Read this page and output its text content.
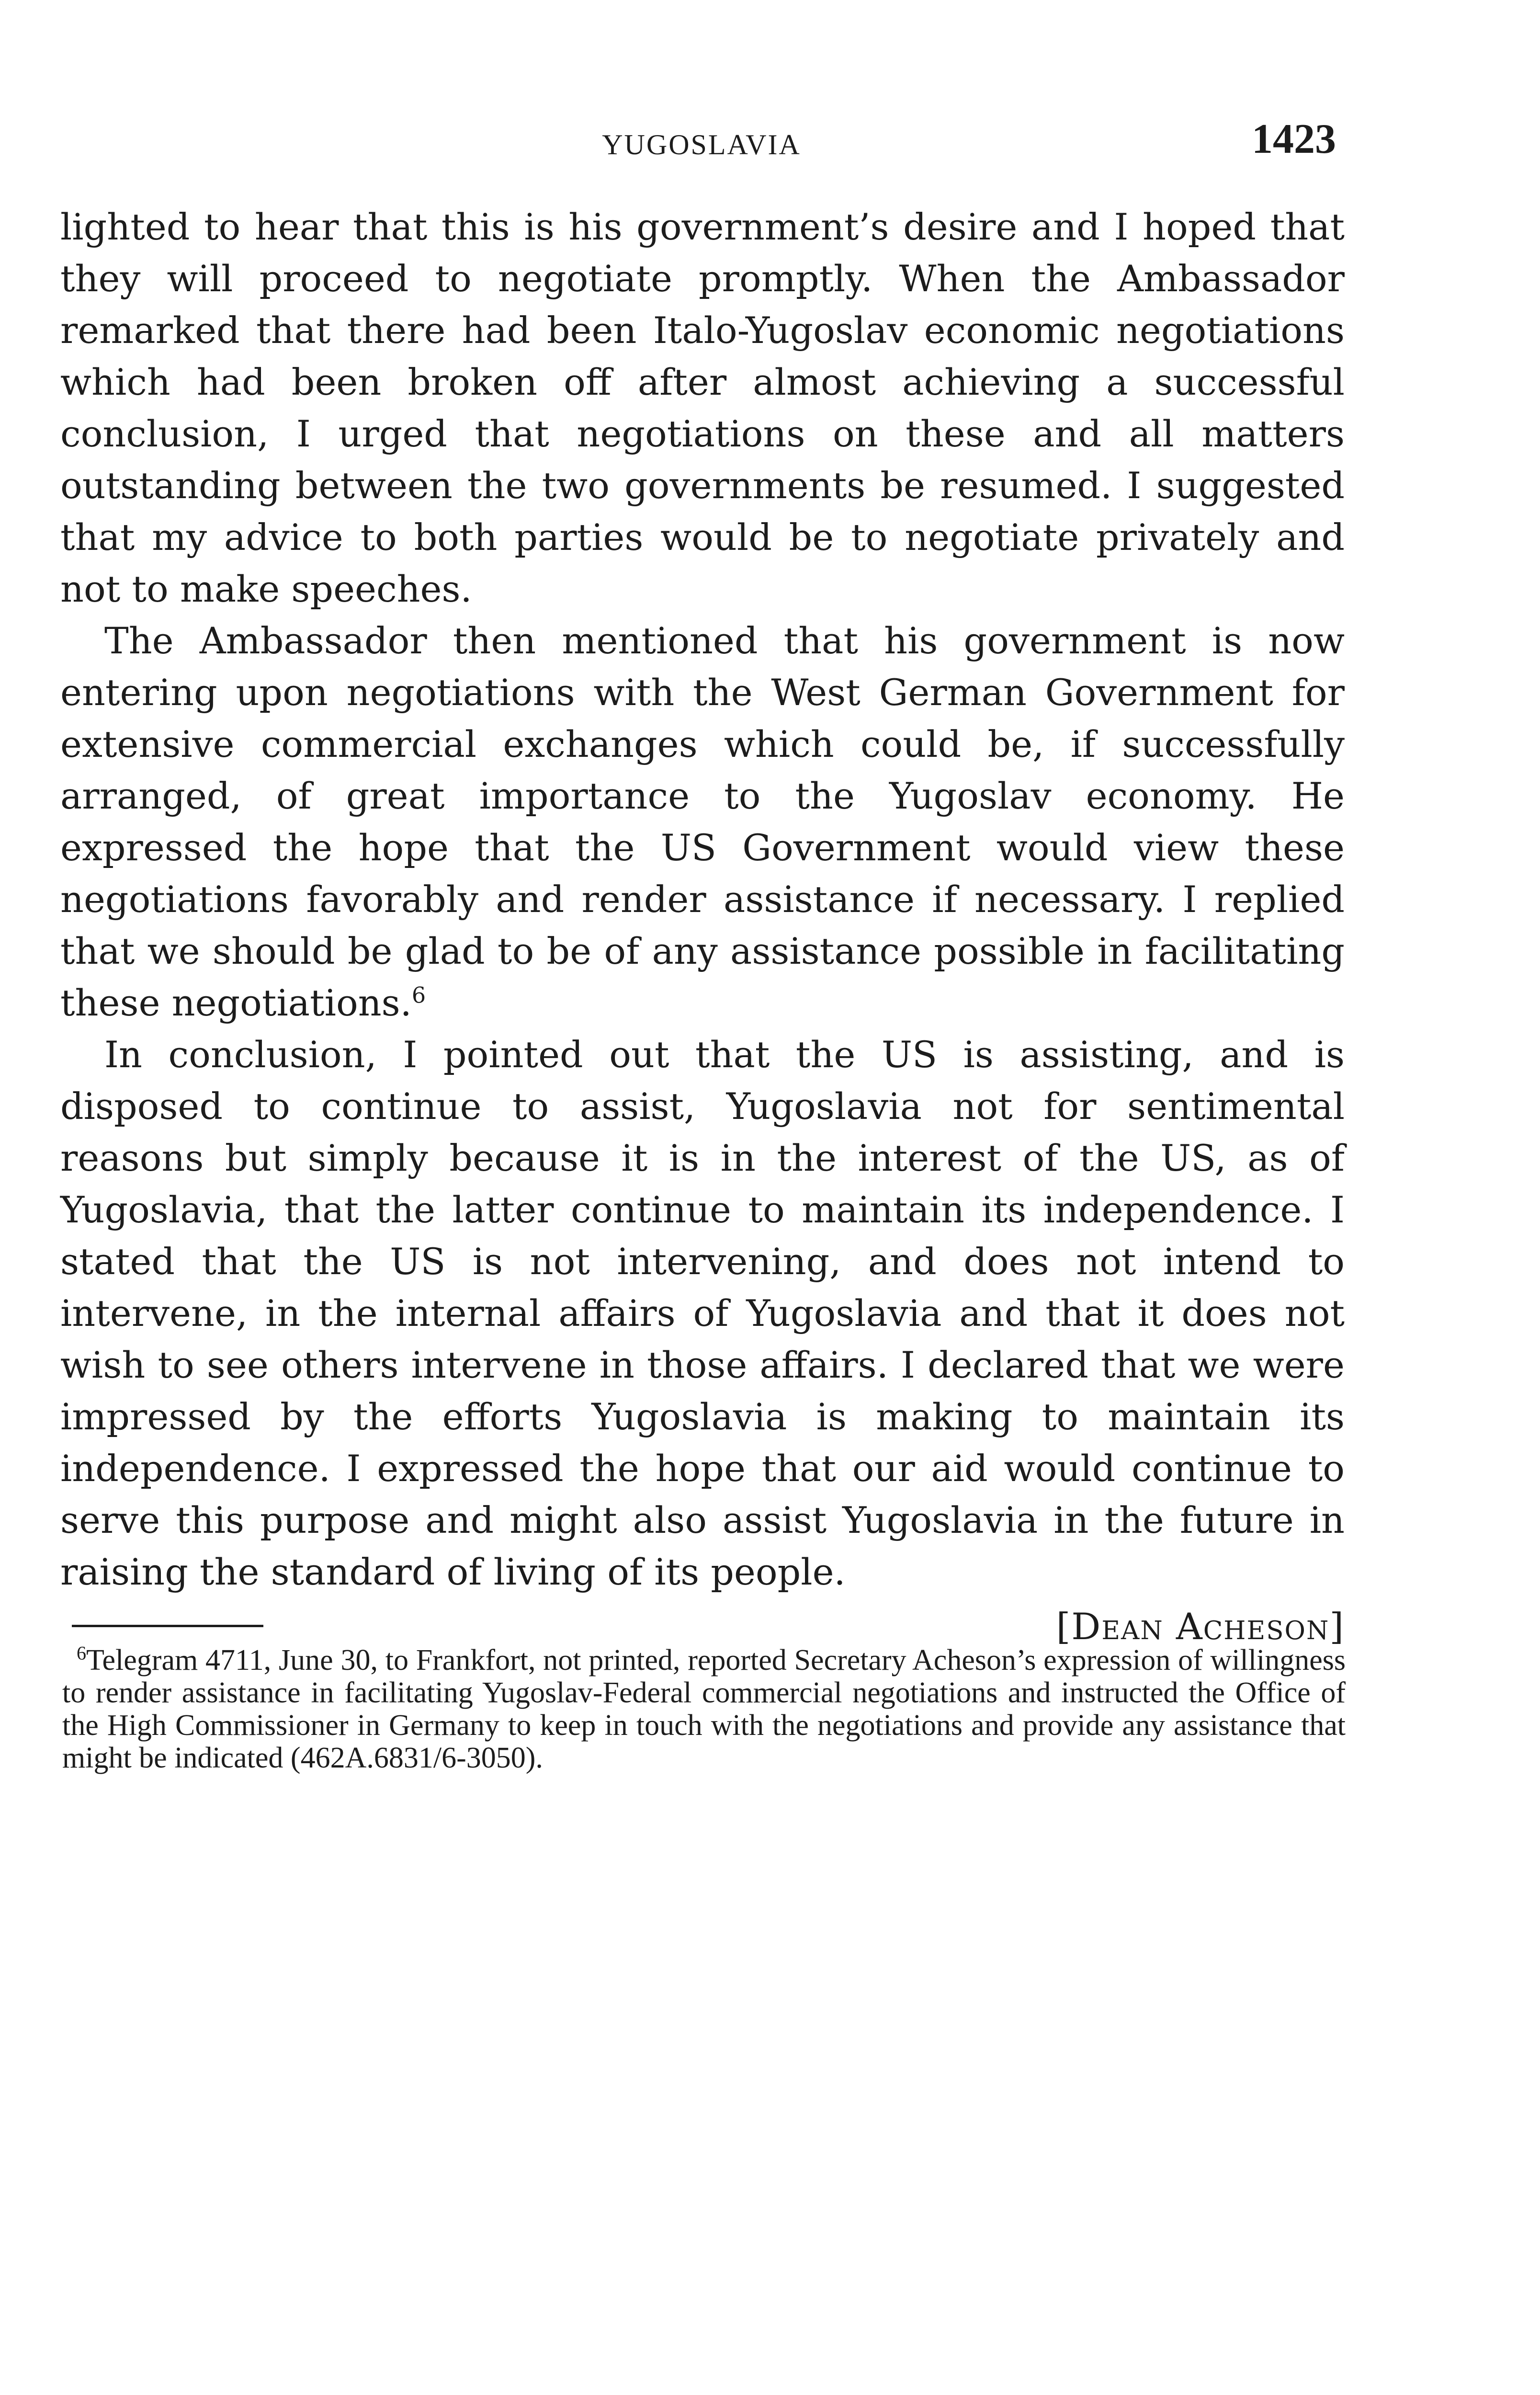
YUGOSLAVIA	1423

lighted to hear that this is his government’s desire and I hoped that they will proceed to negotiate promptly. When the Ambassador remarked that there had been Italo-Yugoslav economic negotiations which had been broken off after almost achieving a successful conclusion, I urged that negotiations on these and all matters outstanding between the two governments be resumed. I suggested that my advice to both parties would be to negotiate privately and not to make speeches.

The Ambassador then mentioned that his government is now entering upon negotiations with the West German Government for extensive commercial exchanges which could be, if successfully arranged, of great importance to the Yugoslav economy. He expressed the hope that the US Government would view these negotiations favorably and render assistance if necessary. I replied that we should be glad to be of any assistance possible in facilitating these negotiations.$^6$

In conclusion, I pointed out that the US is assisting, and is disposed to continue to assist, Yugoslavia not for sentimental reasons but simply because it is in the interest of the US, as of Yugoslavia, that the latter continue to maintain its independence. I stated that the US is not intervening, and does not intend to intervene, in the internal affairs of Yugoslavia and that it does not wish to see others intervene in those affairs. I declared that we were impressed by the efforts Yugoslavia is making to maintain its independence. I expressed the hope that our aid would continue to serve this purpose and might also assist Yugoslavia in the future in raising the standard of living of its people.

[Dean Acheson]

$^6$Telegram 4711, June 30, to Frankfort, not printed, reported Secretary Acheson’s expression of willingness to render assistance in facilitating Yugoslav-Federal commercial negotiations and instructed the Office of the High Commissioner in Germany to keep in touch with the negotiations and provide any assistance that might be indicated (462A.6831/6-3050).
